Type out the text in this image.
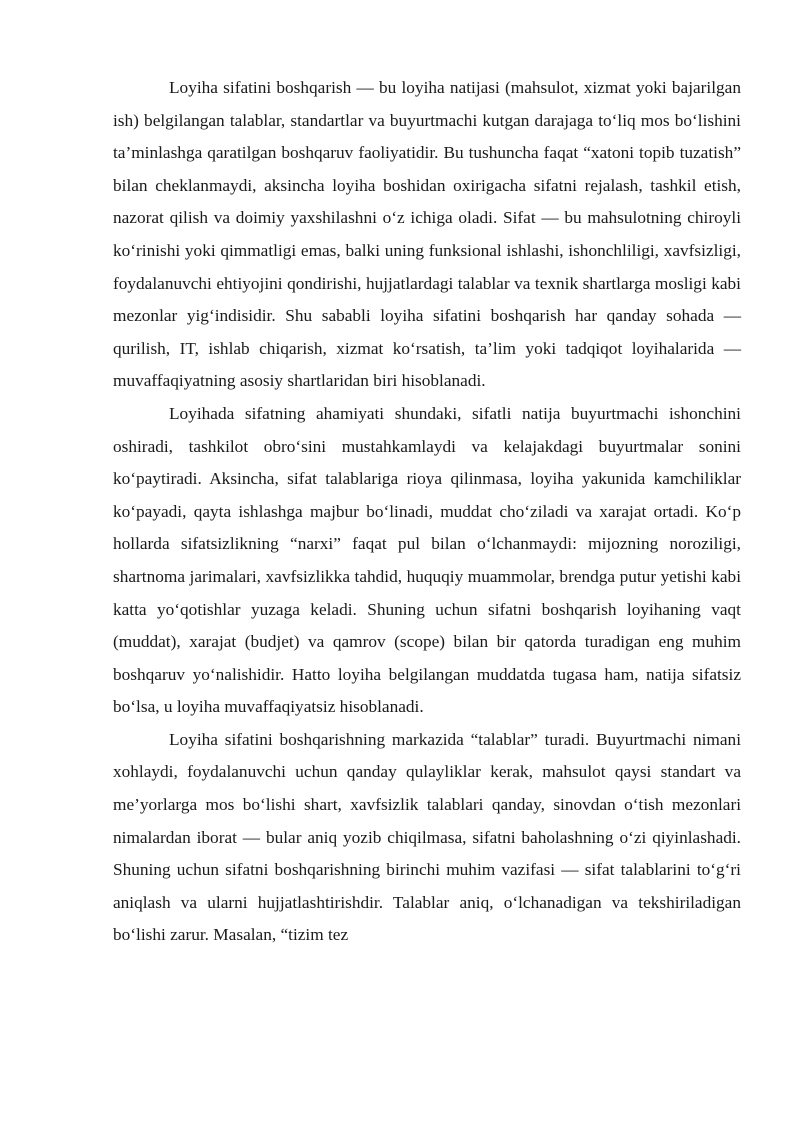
Loyiha sifatini boshqarish — bu loyiha natijasi (mahsulot, xizmat yoki bajarilgan ish) belgilangan talablar, standartlar va buyurtmachi kutgan darajaga to‘liq mos bo‘lishini ta’minlashga qaratilgan boshqaruv faoliyatidir. Bu tushuncha faqat “xatoni topib tuzatish” bilan cheklanmaydi, aksincha loyiha boshidan oxirigacha sifatni rejalash, tashkil etish, nazorat qilish va doimiy yaxshilashni o‘z ichiga oladi. Sifat — bu mahsulotning chiroyli ko‘rinishi yoki qimmatligi emas, balki uning funksional ishlashi, ishonchliligi, xavfsizligi, foydalanuvchi ehtiyojini qondirishi, hujjatlardagi talablar va texnik shartlarga mosligi kabi mezonlar yig‘indisidir. Shu sababli loyiha sifatini boshqarish har qanday sohada — qurilish, IT, ishlab chiqarish, xizmat ko‘rsatish, ta’lim yoki tadqiqot loyihalarida — muvaffaqiyatning asosiy shartlaridan biri hisoblanadi.

Loyihada sifatning ahamiyati shundaki, sifatli natija buyurtmachi ishonchini oshiradi, tashkilot obro‘sini mustahkamlaydi va kelajakdagi buyurtmalar sonini ko‘paytiradi. Aksincha, sifat talablariga rioya qilinmasa, loyiha yakunida kamchiliklar ko‘payadi, qayta ishlashga majbur bo‘linadi, muddat cho‘ziladi va xarajat ortadi. Ko‘p hollarda sifatsizlikning “narxi” faqat pul bilan o‘lchanmaydi: mijozning noroziligi, shartnoma jarimalari, xavfsizlikka tahdid, huquqiy muammolar, brendga putur yetishi kabi katta yo‘qotishlar yuzaga keladi. Shuning uchun sifatni boshqarish loyihaning vaqt (muddat), xarajat (budjet) va qamrov (scope) bilan bir qatorda turadigan eng muhim boshqaruv yo‘nalishidir. Hatto loyiha belgilangan muddatda tugasa ham, natija sifatsiz bo‘lsa, u loyiha muvaffaqiyatsiz hisoblanadi.

Loyiha sifatini boshqarishning markazida “talablar” turadi. Buyurtmachi nimani xohlaydi, foydalanuvchi uchun qanday qulayliklar kerak, mahsulot qaysi standart va me’yorlarga mos bo‘lishi shart, xavfsizlik talablari qanday, sinovdan o‘tish mezonlari nimalardan iborat — bular aniq yozib chiqilmasa, sifatni baholashning o‘zi qiyinlashadi. Shuning uchun sifatni boshqarishning birinchi muhim vazifasi — sifat talablarini to‘g‘ri aniqlash va ularni hujjatlashtirishdir. Talablar aniq, o‘lchanadigan va tekshiriladigan bo‘lishi zarur. Masalan, “tizim tez
